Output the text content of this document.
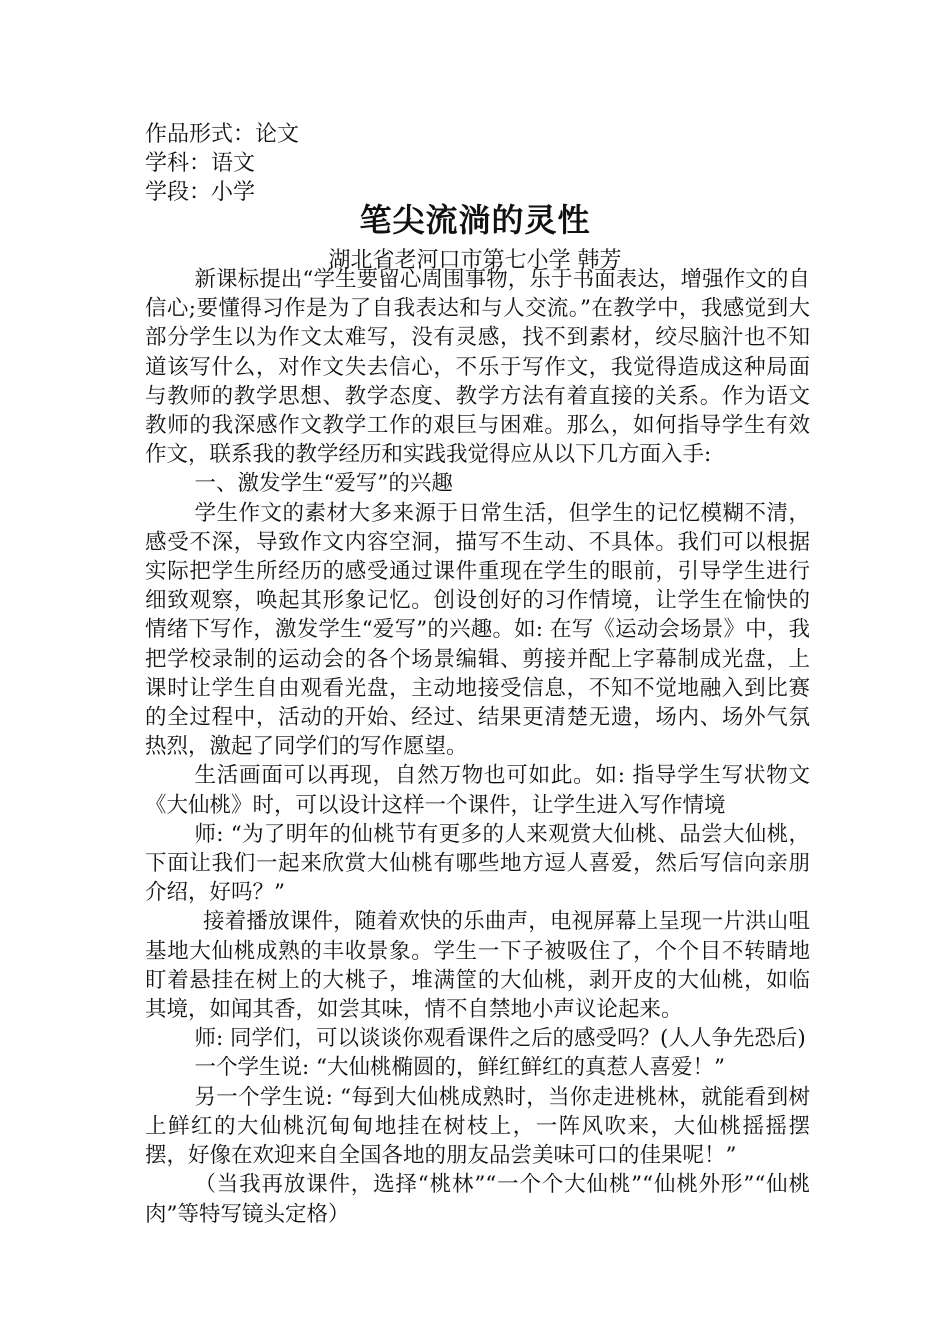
作品形式：论文
学科：语文
学段：小学
笔尖流淌的灵性
湖北省老河口市第七小学 韩芳

新课标提出“学生要留心周围事物，乐于书面表达，增强作文的自信心;要懂得习作是为了自我表达和与人交流。”在教学中，我感觉到大部分学生以为作文太难写，没有灵感，找不到素材，绞尽脑汁也不知道该写什么，对作文失去信心，不乐于写作文，我觉得造成这种局面与教师的教学思想、教学态度、教学方法有着直接的关系。作为语文教师的我深感作文教学工作的艰巨与困难。那么，如何指导学生有效作文，联系我的教学经历和实践我觉得应从以下几方面入手:

一、激发学生“爱写”的兴趣

学生作文的素材大多来源于日常生活，但学生的记忆模糊不清，感受不深，导致作文内容空洞，描写不生动、不具体。我们可以根据实际把学生所经历的感受通过课件重现在学生的眼前，引导学生进行细致观察，唤起其形象记忆。创设创好的习作情境，让学生在愉快的情绪下写作，激发学生“爱写”的兴趣。如: 在写《运动会场景》中，我把学校录制的运动会的各个场景编辑、剪接并配上字幕制成光盘，上课时让学生自由观看光盘，主动地接受信息，不知不觉地融入到比赛的全过程中，活动的开始、经过、结果更清楚无遗，场内、场外气氛热烈，激起了同学们的写作愿望。

生活画面可以再现，自然万物也可如此。如: 指导学生写状物文《大仙桃》时，可以设计这样一个课件，让学生进入写作情境

师: “为了明年的仙桃节有更多的人来观赏大仙桃、品尝大仙桃，下面让我们一起来欣赏大仙桃有哪些地方逗人喜爱，然后写信向亲朋介绍，好吗？”

接着播放课件，随着欢快的乐曲声，电视屏幕上呈现一片洪山咀基地大仙桃成熟的丰收景象。学生一下子被吸住了，个个目不转睛地盯着悬挂在树上的大桃子，堆满筐的大仙桃，剥开皮的大仙桃，如临其境，如闻其香，如尝其味，情不自禁地小声议论起来。

师: 同学们，可以谈谈你观看课件之后的感受吗？(人人争先恐后)

一个学生说: “大仙桃椭圆的，鲜红鲜红的真惹人喜爱！”

另一个学生说: “每到大仙桃成熟时，当你走进桃林，就能看到树上鲜红的大仙桃沉甸甸地挂在树枝上，一阵风吹来，大仙桃摇摇摆摆，好像在欢迎来自全国各地的朋友品尝美味可口的佳果呢！”

（当我再放课件，选择“桃林”“一个个大仙桃”“仙桃外形”“仙桃肉”等特写镜头定格）
